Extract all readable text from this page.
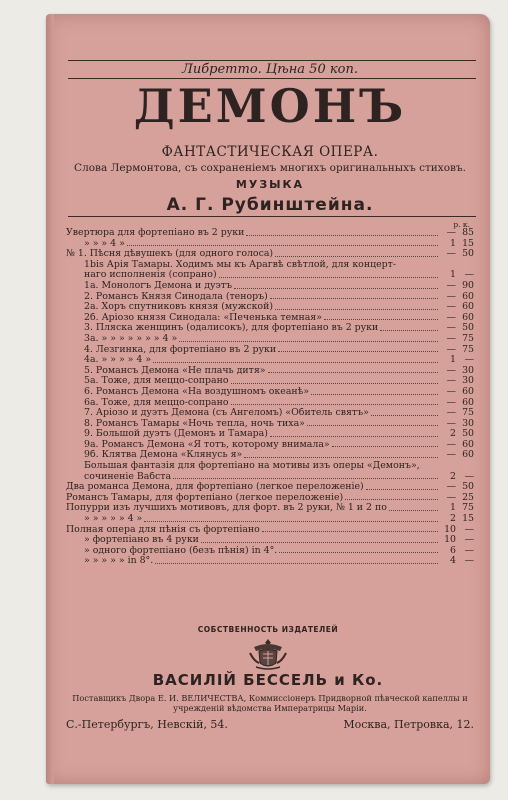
Либретто. Цѣна 50 коп.
ДЕМОНЪ
ФАНТАСТИЧЕСКАЯ ОПЕРА.
Слова Лермонтова, съ сохраненіемъ многихъ оригинальныхъ стиховъ.
МУЗЫКА
А. Г. Рубинштейна.
р. к.
Увертюра для фортепіано въ 2 руки	— 85
» » » 4 »	1 15
№ 1. Пѣсня дѣвушекъ (для одного голоса)	— 50
1bis Арія Тамары. Ходимъ мы къ Арагвѣ свѣтлой, для концерт-
наго исполненія (сопрано)	1 —
1а. Монологъ Демона и дуэтъ	— 90
2. Романсъ Князя Синодала (теноръ)	— 60
2а. Хоръ спутниковъ князя (мужской)	— 60
2б. Аріозо князя Синодала: «Печенька темная»	— 60
3. Пляска женщинъ (одалисокъ), для фортепіано въ 2 руки	— 50
3а. » » » » » » » 4 »	— 75
4. Лезгинка, для фортепіано въ 2 руки	— 75
4а. » » » » 4 »	1 —
5. Романсъ Демона «Не плачь дитя»	— 30
5а. Тоже, для меццо-сопрано	— 30
6. Романсъ Демона «На воздушномъ океанѣ»	— 60
6а. Тоже, для меццо-сопрано	— 60
7. Аріозо и дуэтъ Демона (съ Ангеломъ) «Обитель святъ»	— 75
8. Романсъ Тамары «Ночь тепла, ночь тиха»	— 30
9. Большой дуэтъ (Демонъ и Тамара)	2 50
9а. Романсъ Демона «Я тотъ, которому внимала»	— 60
9б. Клятва Демона «Клянусь я»	— 60
Большая фантазія для фортепіано на мотивы изъ оперы «Демонъ»,
сочиненіе Вабста	2 —
Два романса Демона, для фортепіано (легкое переложеніе)	— 50
Романсъ Тамары, для фортепіано (легкое переложеніе)	— 25
Попурри изъ лучшихъ мотивовъ, для форт. въ 2 руки, № 1 и 2 по	1 75
» » » » » 4 »	2 15
Полная опера для пѣнія съ фортепіано	10 —
» фортепіано въ 4 руки	10 —
» одного фортепіано (безъ пѣнія) in 4°.	6 —
» » » » » in 8°.	4 —
СОБСТВЕННОСТЬ ИЗДАТЕЛЕЙ
ВАСИЛІЙ БЕССЕЛЬ и Ко.
Поставщикъ Двора Е. И. ВЕЛИЧЕСТВА, Коммиссіонеръ Придворной пѣвческой капеллы и учрежденій вѣдомства Императрицы Маріи.
С.-Петербургъ, Невскій, 54.	Москва, Петровка, 12.
